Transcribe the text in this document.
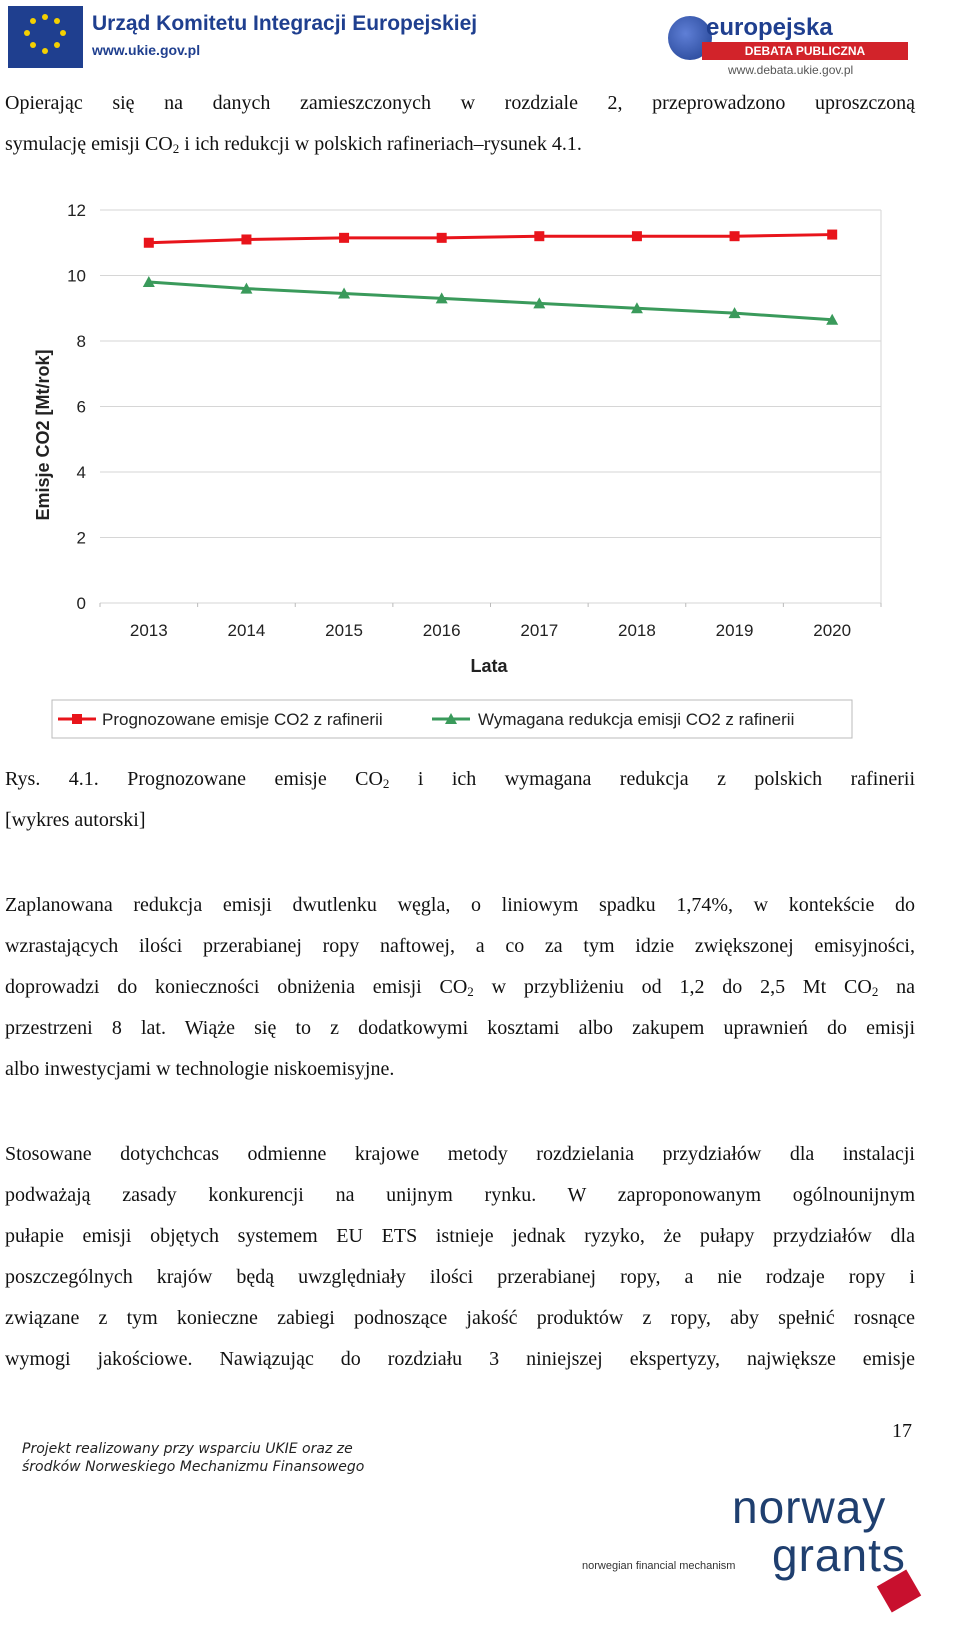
Urząd Komitetu Integracji Europejskiej
www.ukie.gov.pl
europejska
DEBATA PUBLICZNA
www.debata.ukie.gov.pl
Opierając się na danych zamieszczonych w rozdziale 2, przeprowadzono uproszczoną
symulację emisji $CO_2$ i ich redukcji w polskich rafineriach–rysunek 4.1.
0
2
4
6
8
10
12
2013	2014	2015	2016	2017	2018	2019	2020
Emisje CO2 [Mt/rok]
Lata
Prognozowane emisje CO2 z rafinerii	Wymagana redukcja emisji CO2 z rafinerii
Rys. 4.1. Prognozowane emisje $CO_2$ i ich wymagana redukcja z polskich rafinerii
[wykres autorski]
Zaplanowana redukcja emisji dwutlenku węgla, o liniowym spadku 1,74%, w kontekście do
wzrastających ilości przerabianej ropy naftowej, a co za tym idzie zwiększonej emisyjności,
doprowadzi do konieczności obniżenia emisji $CO_2$ w przybliżeniu od 1,2 do 2,5 Mt $CO_2$ na
przestrzeni 8 lat. Wiąże się to z dodatkowymi kosztami albo zakupem uprawnień do emisji
albo inwestycjami w technologie niskoemisyjne.
Stosowane dotychchcas odmienne krajowe metody rozdzielania przydziałów dla instalacji
podważają zasady konkurencji na unijnym rynku. W zaproponowanym ogólnounijnym
pułapie emisji objętych systemem EU ETS istnieje jednak ryzyko, że pułapy przydziałów dla
poszczególnych krajów będą uwzględniały ilości przerabianej ropy, a nie rodzaje ropy i
związane z tym konieczne zabiegi podnoszące jakość produktów z ropy, aby spełnić rosnące
wymogi jakościowe. Nawiązując do rozdziału 3 niniejszej ekspertyzy, największe emisje
17
Projekt realizowany przy wsparciu UKIE oraz ze
środków Norweskiego Mechanizmu Finansowego
norway
grants
norwegian financial mechanism
